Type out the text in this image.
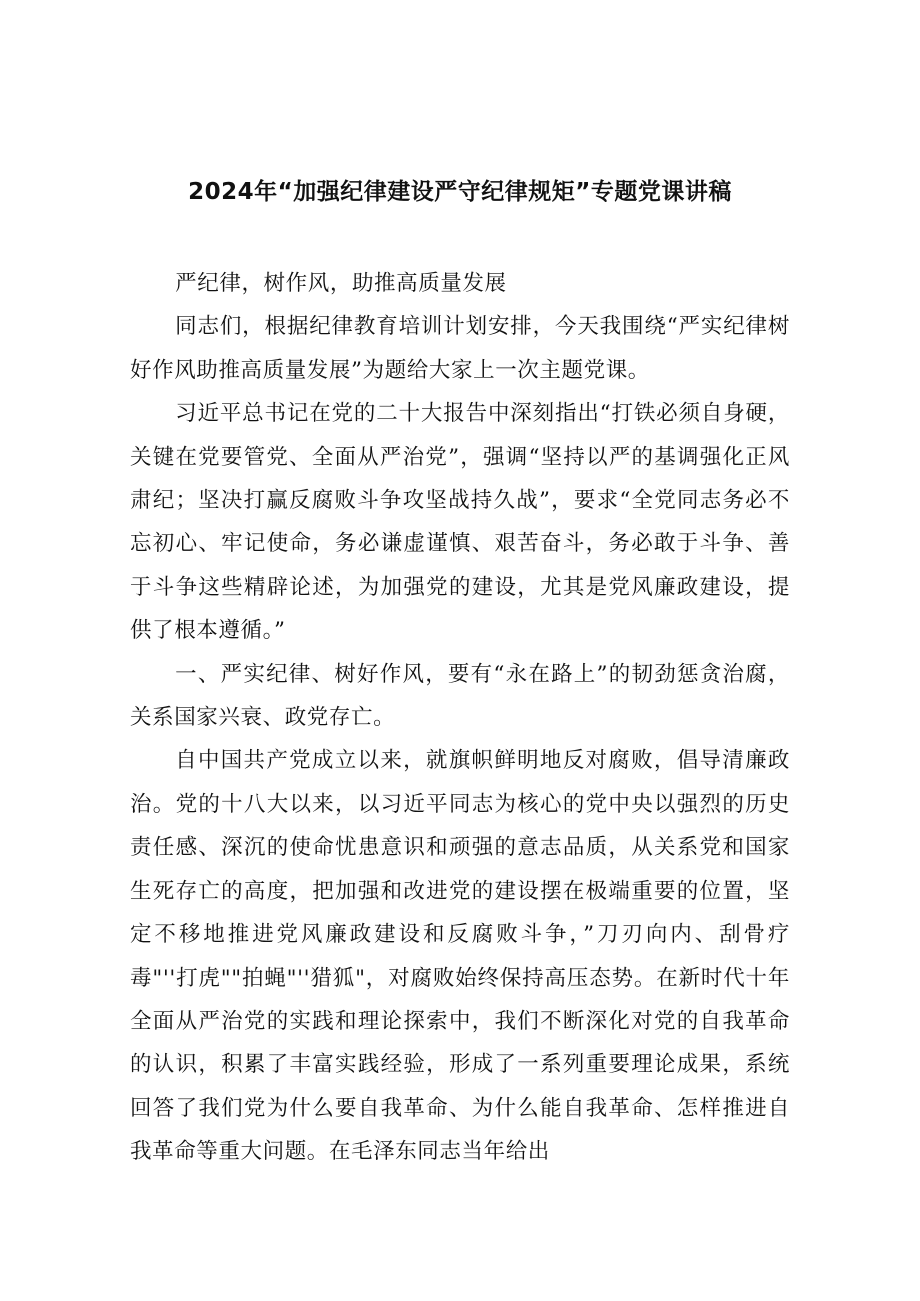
2024年“加强纪律建设严守纪律规矩”专题党课讲稿

严纪律，树作风，助推高质量发展

同志们，根据纪律教育培训计划安排，今天我围绕“严实纪律树好作风助推高质量发展”为题给大家上一次主题党课。

习近平总书记在党的二十大报告中深刻指出“打铁必须自身硬，关键在党要管党、全面从严治党”，强调“坚持以严的基调强化正风肃纪；坚决打赢反腐败斗争攻坚战持久战”，要求“全党同志务必不忘初心、牢记使命，务必谦虚谨慎、艰苦奋斗，务必敢于斗争、善于斗争这些精辟论述，为加强党的建设，尤其是党风廉政建设，提供了根本遵循。”

一、严实纪律、树好作风，要有“永在路上”的韧劲惩贪治腐，关系国家兴衰、政党存亡。

自中国共产党成立以来，就旗帜鲜明地反对腐败，倡导清廉政治。党的十八大以来，以习近平同志为核心的党中央以强烈的历史责任感、深沉的使命忧患意识和顽强的意志品质，从关系党和国家生死存亡的高度，把加强和改进党的建设摆在极端重要的位置，坚定不移地推进党风廉政建设和反腐败斗争，”刀刃向内、刮骨疗毒"''打虎""拍蝇"''猎狐"，对腐败始终保持高压态势。在新时代十年全面从严治党的实践和理论探索中，我们不断深化对党的自我革命的认识，积累了丰富实践经验，形成了一系列重要理论成果，系统回答了我们党为什么要自我革命、为什么能自我革命、怎样推进自我革命等重大问题。在毛泽东同志当年给出
